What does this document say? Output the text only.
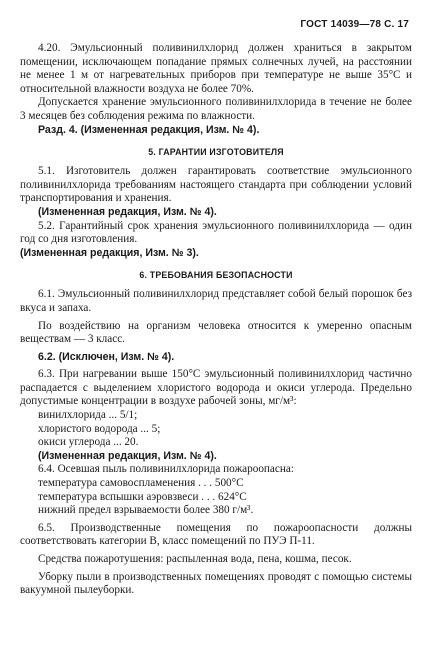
ГОСТ 14039—78 С. 17

4.20. Эмульсионный поливинилхлорид должен храниться в закрытом помещении, исключающем попадание прямых солнечных лучей, на расстоянии не менее 1 м от нагревательных приборов при температуре не выше 35°С и относительной влажности воздуха не более 70%.

Допускается хранение эмульсионного поливинилхлорида в течение не более 3 месяцев без соблюдения режима по влажности.

Разд. 4. (Измененная редакция, Изм. № 4).

5. ГАРАНТИИ ИЗГОТОВИТЕЛЯ

5.1. Изготовитель должен гарантировать соответствие эмульсионного поливинилхлорида требованиям настоящего стандарта при соблюдении условий транспортирования и хранения.

(Измененная редакция, Изм. № 4).

5.2. Гарантийный срок хранения эмульсионного поливинилхлорида — один год со дня изготовления.

(Измененная редакция, Изм. № 3).

6. ТРЕБОВАНИЯ БЕЗОПАСНОСТИ

6.1. Эмульсионный поливинилхлорид представляет собой белый порошок без вкуса и запаха.

По воздействию на организм человека относится к умеренно опасным веществам — 3 класс.

6.2. (Исключен, Изм. № 4).

6.3. При нагревании выше 150°С эмульсионный поливинилхлорид частично распадается с выделением хлористого водорода и окиси углерода. Предельно допустимые концентрации в воздухе рабочей зоны, мг/м³:

винилхлорида ... 5/1;

хлористого водорода ... 5;

окиси углерода ... 20.

(Измененная редакция, Изм. № 4).

6.4. Осевшая пыль поливинилхлорида пожароопасна:

температура самовоспламенения . . . 500°С

температура вспышки аэровзвеси . . . 624°С

нижний предел взрываемости более 380 г/м³.

6.5. Производственные помещения по пожароопасности должны соответствовать категории В, класс помещений по ПУЭ П-11.

Средства пожаротушения: распыленная вода, пена, кошма, песок.

Уборку пыли в производственных помещениях проводят с помощью системы вакуумной пылеуборки.
